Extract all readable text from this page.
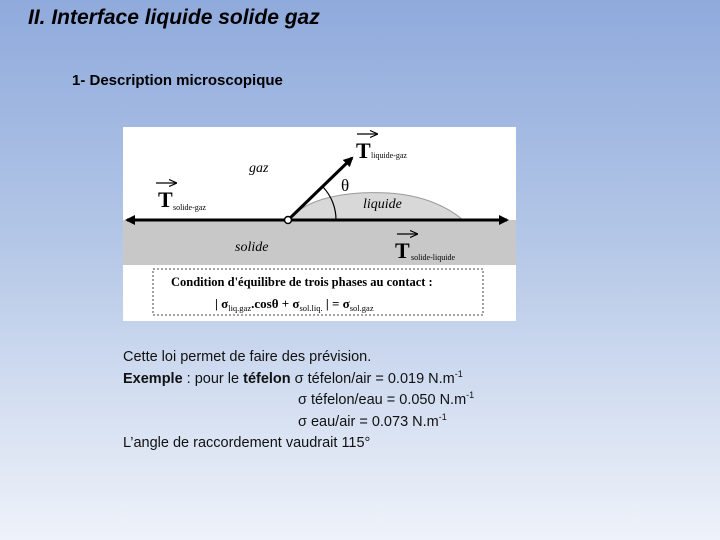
II. Interface liquide solide gaz
1- Description microscopique
gaz
liquide
solide
θ
T liquide-gaz
T solide-gaz
T solide-liquide
Condition d'équilibre de trois phases au contact :
| $\sigma_{liq.gaz}.\cos\theta + \sigma_{sol.liq.}$ | = $\sigma_{sol.gaz}$
Cette loi permet de faire des prévision.
Exemple : pour le téfelon σ téfelon/air = 0.019 $N.m^{-1}$
σ téfelon/eau = 0.050 $N.m^{-1}$
σ eau/air = 0.073 $N.m^{-1}$
L’angle de raccordement vaudrait 115°
